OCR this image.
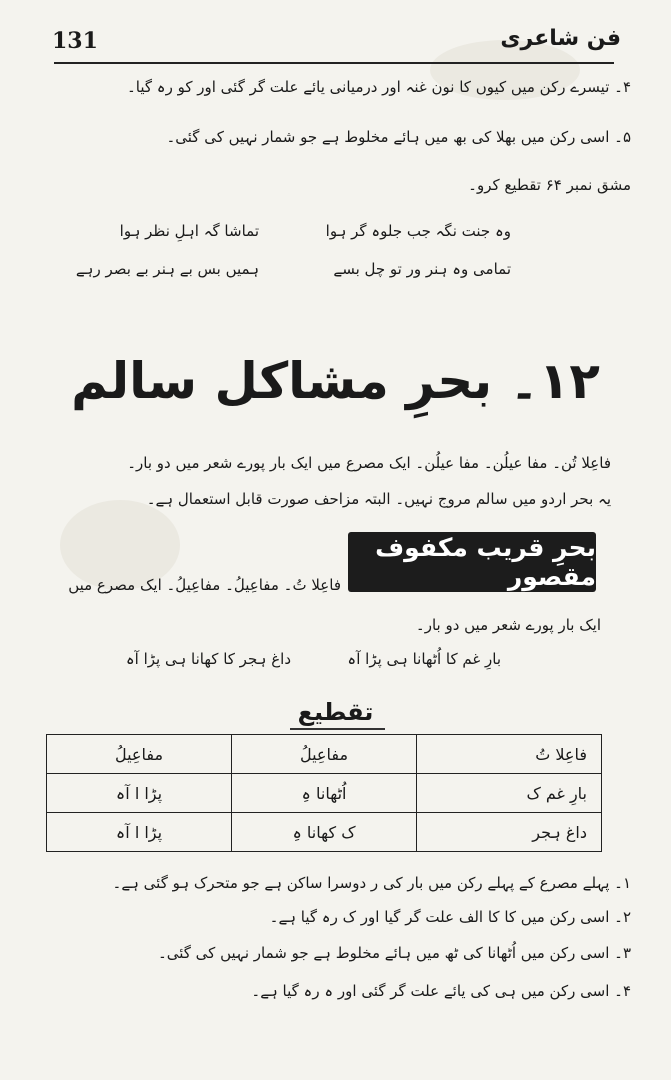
131	فن شاعری
۴۔ تیسرے رکن میں کیوں کا نون غنہ اور درمیانی یائے علت گر گئی اور کو رہ گیا۔
۵۔ اسی رکن میں بھلا کی بھ میں ہائے مخلوط ہے جو شمار نہیں کی گئی۔
مشق نمبر ۶۴ تقطیع کرو۔
وہ جنت نگہ جب جلوہ گر ہوا
تماشا گہ اہلِ نظر ہوا
تمامی وہ ہنر ور تو چل بسے
ہمیں بس بے ہنر بے بصر رہے
۱۲۔ بحرِ مشاکل سالم
فاعِلا تُن۔ مفا عیلُن۔ مفا عیلُن۔ ایک مصرع میں ایک بار پورے شعر میں دو بار۔
یہ بحر اردو میں سالم مروج نہیں۔ البتہ مزاحف صورت قابل استعمال ہے۔
بحرِ قریب مکفوف مقصور
فاعِلا تُ۔ مفاعِیلُ۔ مفاعِیلُ۔ ایک مصرع میں
ایک بار پورے شعر میں دو بار۔
بارِ غم کا اُٹھانا ہی پڑا آہ
داغ ہجر کا کھانا ہی پڑا آہ
تقطیع
فاعِلا تُ	مفاعِیلُ	مفاعِیلُ
بارِ غم ک	اُٹھانا ہِ	پڑا ا آہ
داغ ہجر	ک کھانا ہِ	پڑا ا آہ
۱۔ پہلے مصرع کے پہلے رکن میں بار کی ر دوسرا ساکن ہے جو متحرک ہو گئی ہے۔
۲۔ اسی رکن میں کا کا الف علت گر گیا اور ک رہ گیا ہے۔
۳۔ اسی رکن میں اُٹھانا کی ٹھ میں ہائے مخلوط ہے جو شمار نہیں کی گئی۔
۴۔ اسی رکن میں ہی کی یائے علت گر گئی اور ہ رہ گیا ہے۔
